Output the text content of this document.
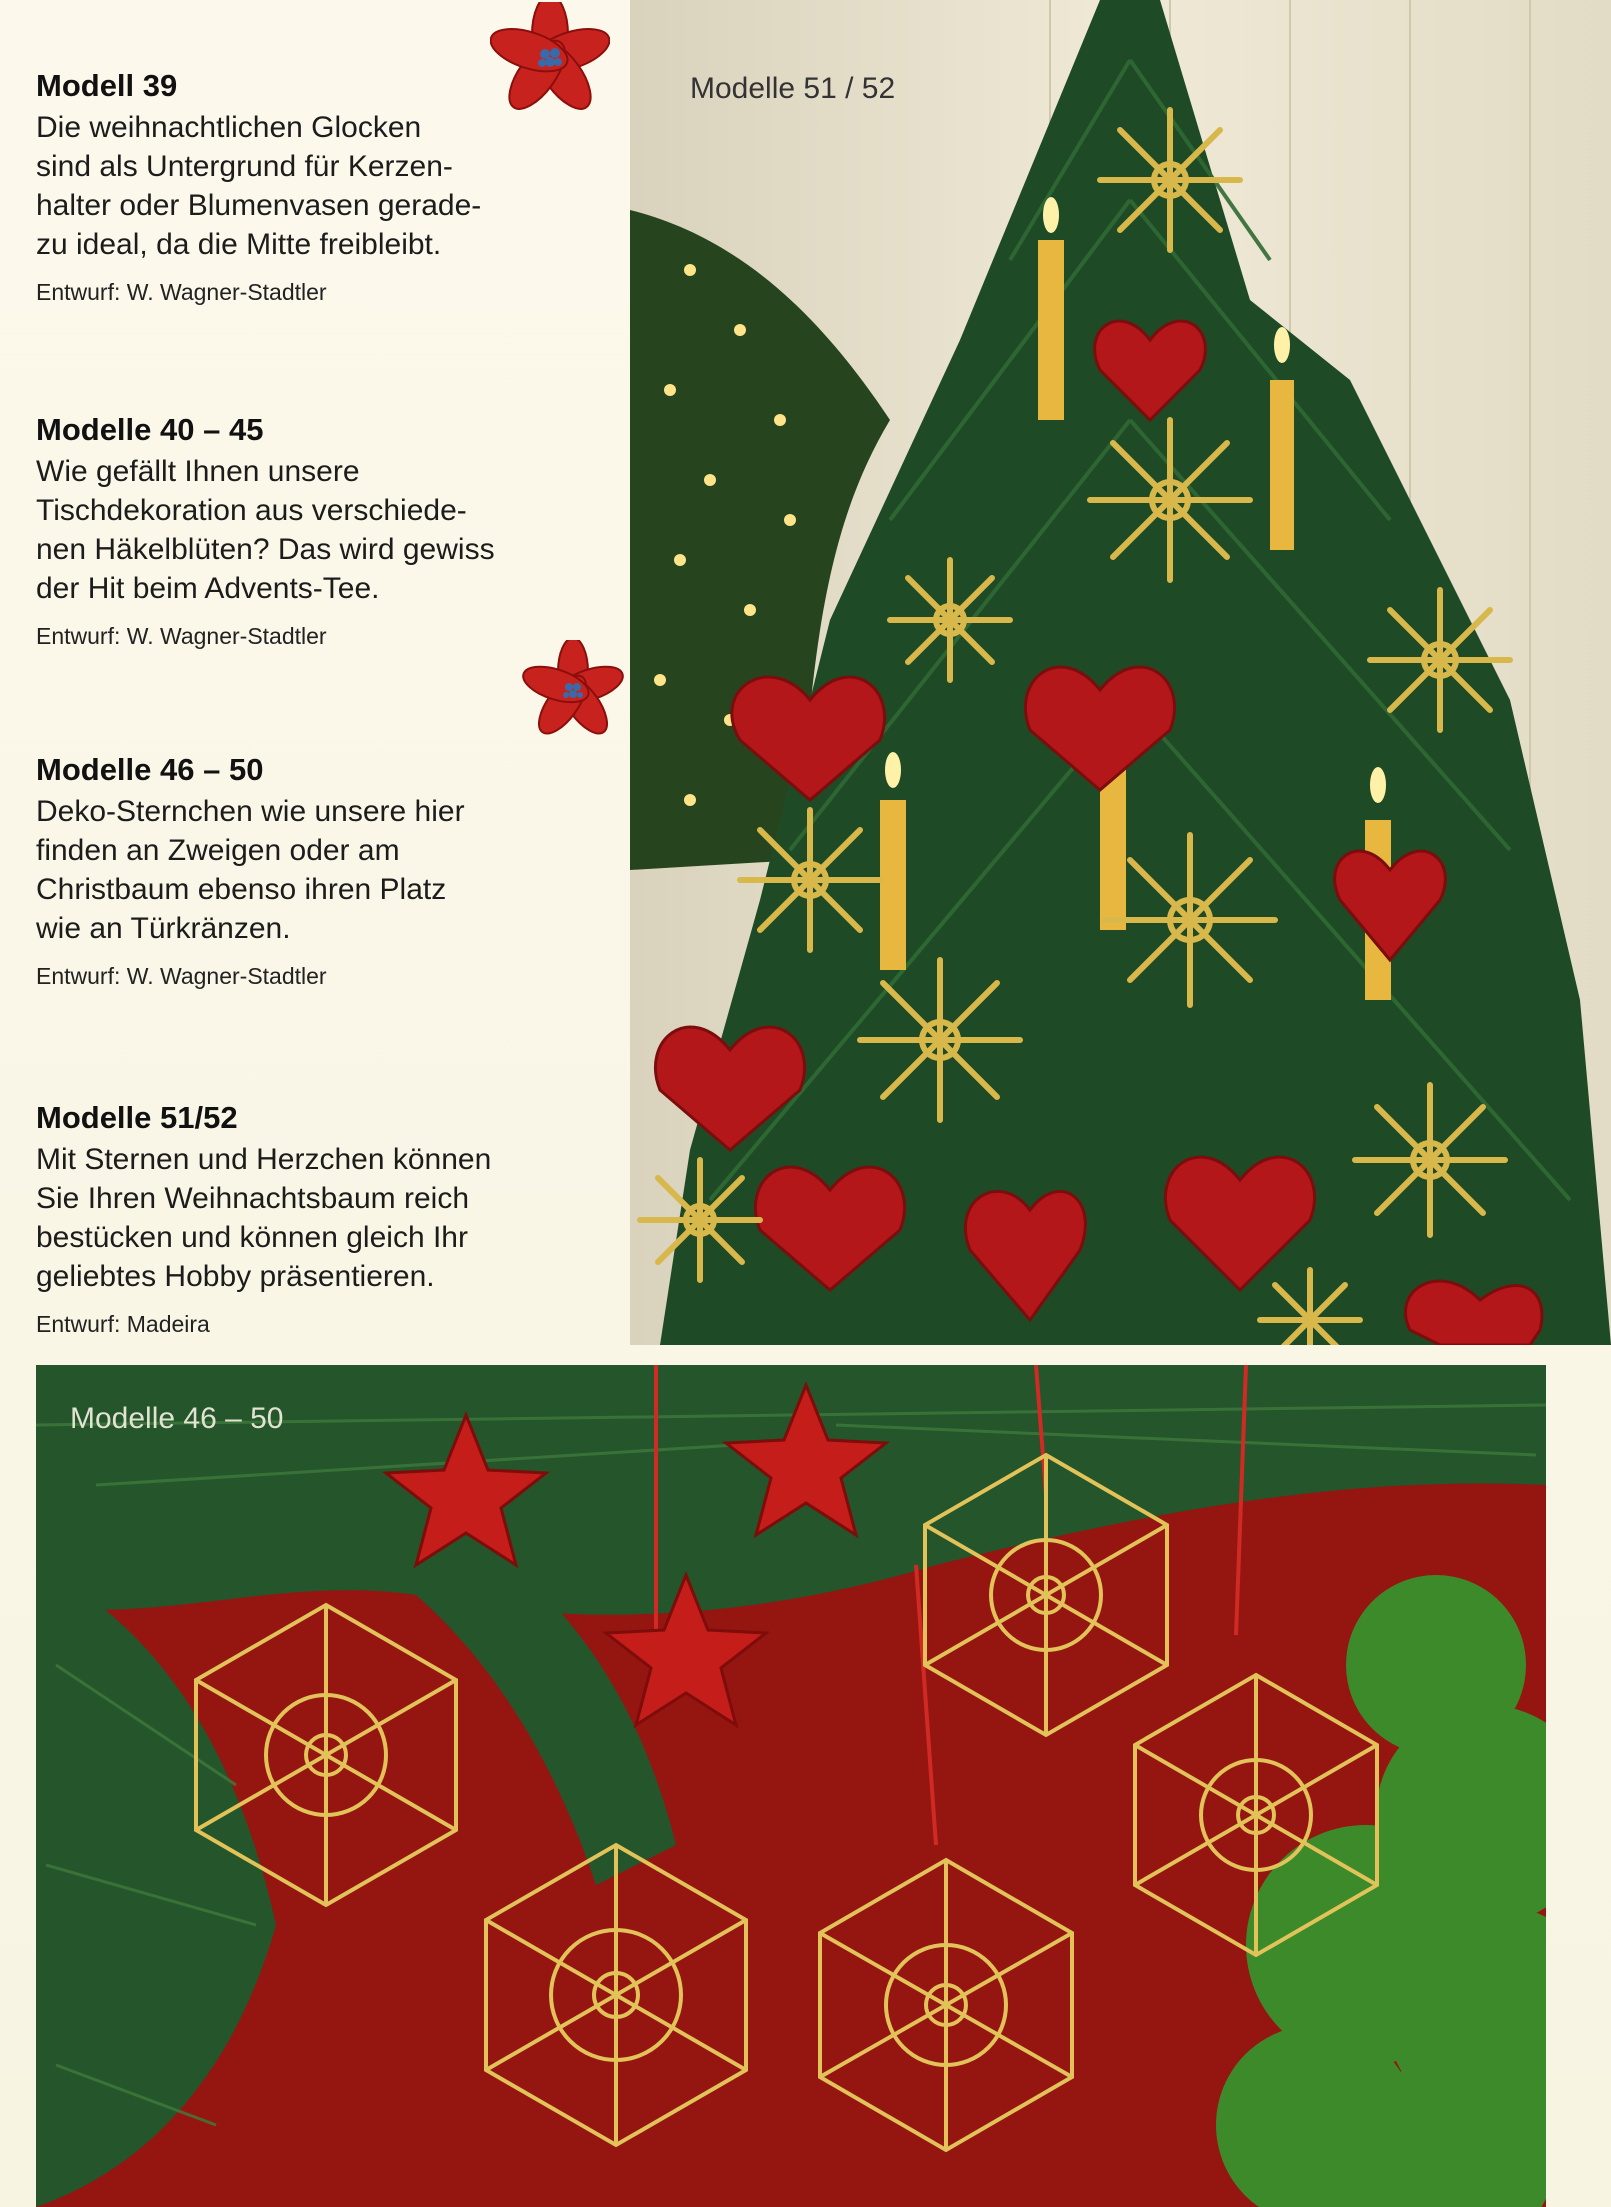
Modell 39

Die weihnachtlichen Glocken
sind als Untergrund für Kerzen-
halter oder Blumenvasen gerade-
zu ideal, da die Mitte freibleibt.

Entwurf: W. Wagner-Stadtler
Modelle 40 – 45

Wie gefällt Ihnen unsere
Tischdekoration aus verschiede-
nen Häkelblüten? Das wird gewiss
der Hit beim Advents-Tee.

Entwurf: W. Wagner-Stadtler
Modelle 46 – 50

Deko-Sternchen wie unsere hier
finden an Zweigen oder am
Christbaum ebenso ihren Platz
wie an Türkränzen.

Entwurf: W. Wagner-Stadtler
Modelle 51/52

Mit Sternen und Herzchen können
Sie Ihren Weihnachtsbaum reich
bestücken und können gleich Ihr
geliebtes Hobby präsentieren.

Entwurf: Madeira
Modelle 51 / 52
Modelle 46 – 50
